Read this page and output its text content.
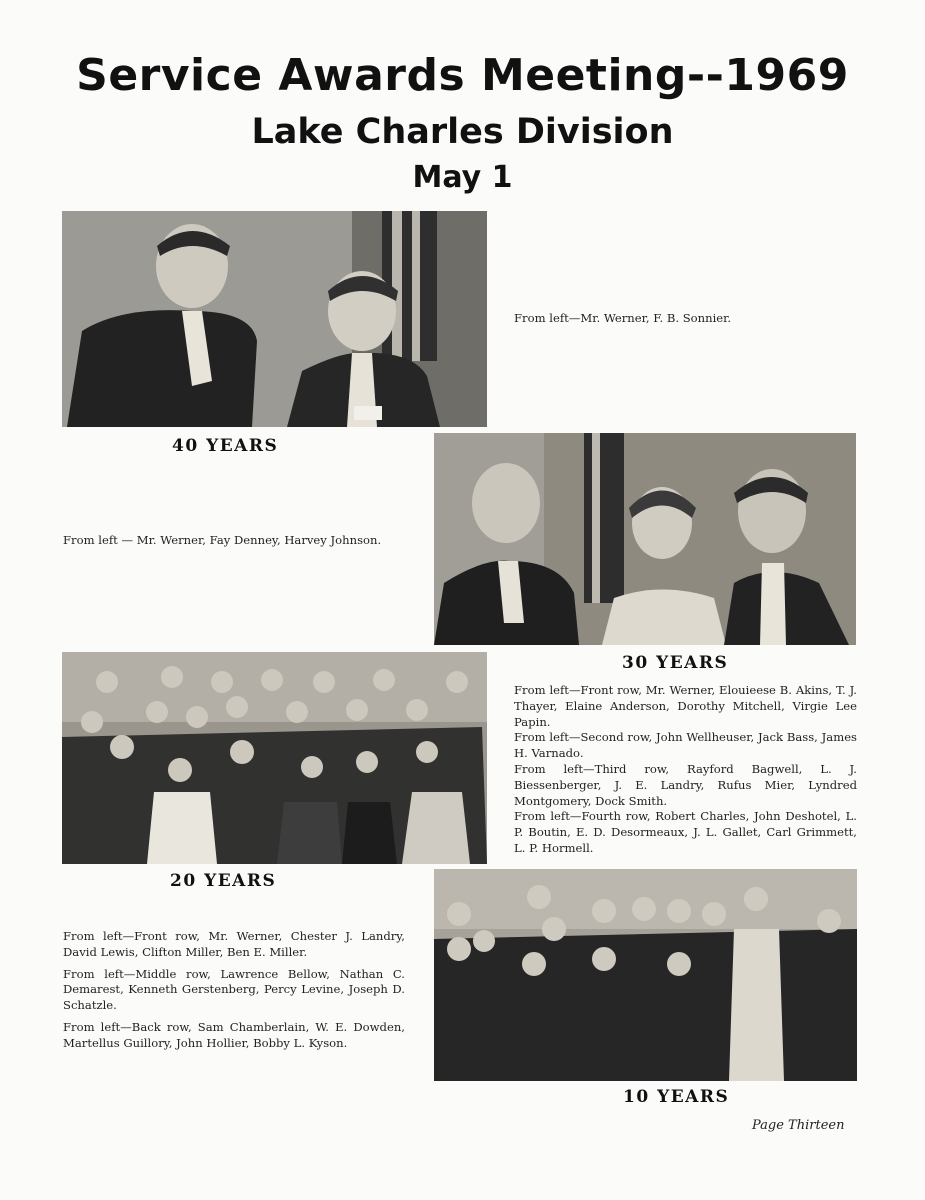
Service Awards Meeting--1969
Lake Charles Division
May 1
From left—Mr. Werner, F. B. Sonnier.
40 YEARS
From left — Mr. Werner, Fay Denney, Harvey Johnson.
30 YEARS

From left—Front row, Mr. Werner, Elouieese B. Akins, T. J. Thayer, Elaine Anderson, Dorothy Mitchell, Virgie Lee Papin.

From left—Second row, John Wellheuser, Jack Bass, James H. Varnado.

From left—Third row, Rayford Bagwell, L. J. Biessenberger, J. E. Landry, Rufus Mier, Lyndred Montgomery, Dock Smith.

From left—Fourth row, Robert Charles, John Deshotel, L. P. Boutin, E. D. Desormeaux, J. L. Gallet, Carl Grimmett, L. P. Hormell.

20 YEARS

From left—Front row, Mr. Werner, Chester J. Landry, David Lewis, Clifton Miller, Ben E. Miller.

From left—Middle row, Lawrence Bellow, Nathan C. Demarest, Kenneth Gerstenberg, Percy Levine, Joseph D. Schatzle.

From left—Back row, Sam Chamberlain, W. E. Dowden, Martellus Guillory, John Hollier, Bobby L. Kyson.

10 YEARS
Page Thirteen
